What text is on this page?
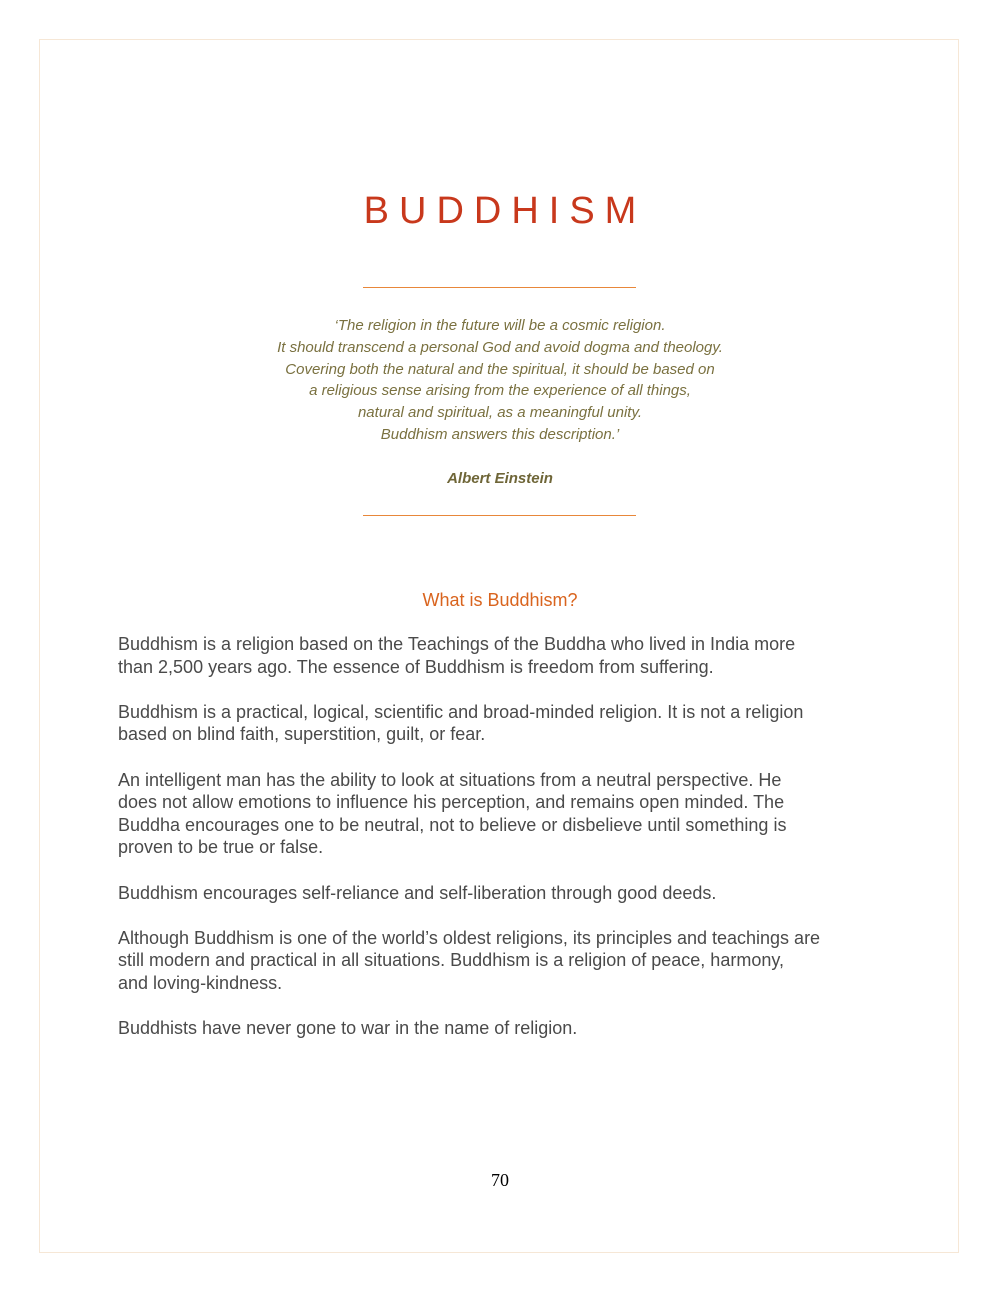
BUDDHISM
‘The religion in the future will be a cosmic religion.
It should transcend a personal God and avoid dogma and theology.
Covering both the natural and the spiritual, it should be based on
a religious sense arising from the experience of all things,
natural and spiritual, as a meaningful unity.
Buddhism answers this description.’
Albert Einstein
What is Buddhism?

Buddhism is a religion based on the Teachings of the Buddha who lived in India more
than 2,500 years ago. The essence of Buddhism is freedom from suffering.

Buddhism is a practical, logical, scientific and broad-minded religion. It is not a religion
based on blind faith, superstition, guilt, or fear.

An intelligent man has the ability to look at situations from a neutral perspective. He
does not allow emotions to influence his perception, and remains open minded. The
Buddha encourages one to be neutral, not to believe or disbelieve until something is
proven to be true or false.

Buddhism encourages self-reliance and self-liberation through good deeds.

Although Buddhism is one of the world’s oldest religions, its principles and teachings are
still modern and practical in all situations. Buddhism is a religion of peace, harmony,
and loving-kindness.

Buddhists have never gone to war in the name of religion.

70
